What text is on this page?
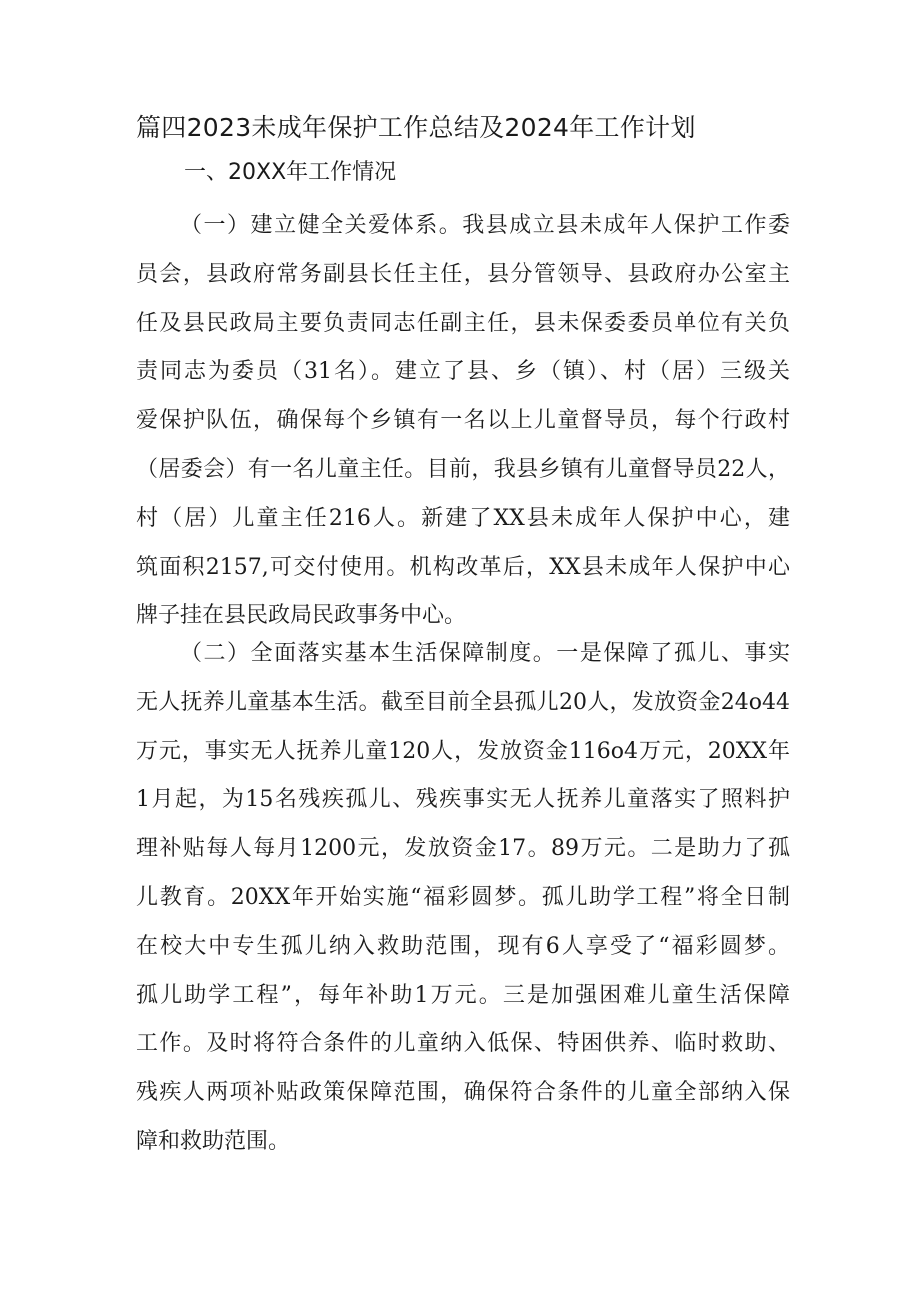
篇四2023未成年保护工作总结及2024年工作计划
一、20XX年工作情况
（一）建立健全关爱体系。我县成立县未成年人保护工作委
员会，县政府常务副县长任主任，县分管领导、县政府办公室主
任及县民政局主要负责同志任副主任，县未保委委员单位有关负
责同志为委员（31名）。建立了县、乡（镇）、村（居）三级关
爱保护队伍，确保每个乡镇有一名以上儿童督导员，每个行政村
（居委会）有一名儿童主任。目前，我县乡镇有儿童督导员22人，
村（居）儿童主任216人。新建了XX县未成年人保护中心，建
筑面积2157,可交付使用。机构改革后，XX县未成年人保护中心
牌子挂在县民政局民政事务中心。
（二）全面落实基本生活保障制度。一是保障了孤儿、事实
无人抚养儿童基本生活。截至目前全县孤儿20人，发放资金24o44
万元，事实无人抚养儿童120人，发放资金116o4万元，20XX年
1月起，为15名残疾孤儿、残疾事实无人抚养儿童落实了照料护
理补贴每人每月1200元，发放资金17。89万元。二是助力了孤
儿教育。20XX年开始实施“福彩圆梦。孤儿助学工程”将全日制
在校大中专生孤儿纳入救助范围，现有6人享受了“福彩圆梦。
孤儿助学工程”，每年补助1万元。三是加强困难儿童生活保障
工作。及时将符合条件的儿童纳入低保、特困供养、临时救助、
残疾人两项补贴政策保障范围，确保符合条件的儿童全部纳入保
障和救助范围。
